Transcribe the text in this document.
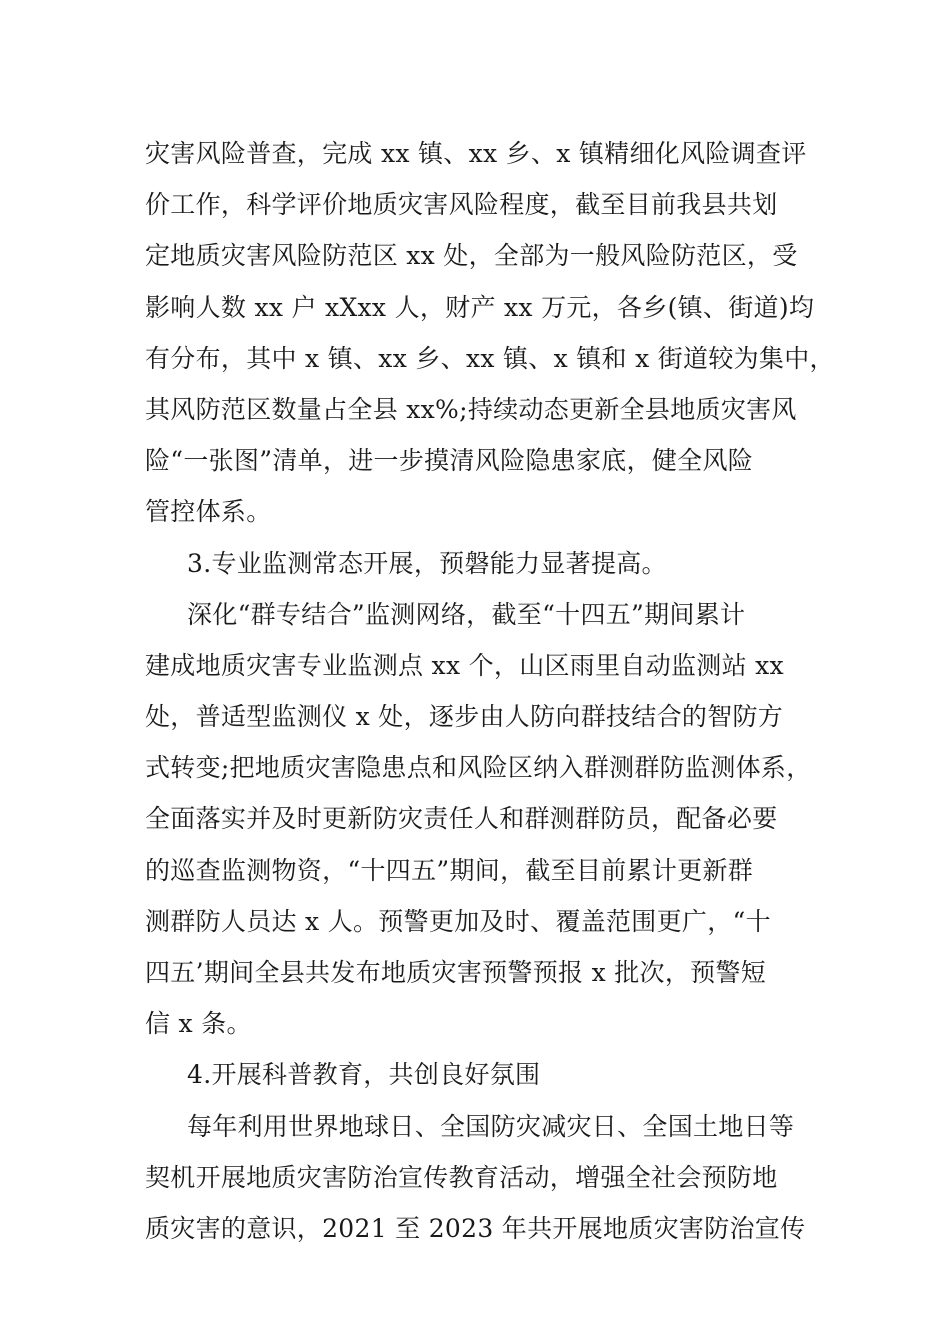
灾害风险普查，完成 xx 镇、xx 乡、x 镇精细化风险调查评
价工作，科学评价地质灾害风险程度，截至目前我县共划
定地质灾害风险防范区 xx 处，全部为一般风险防范区，受
影响人数 xx 户 xXxx 人，财产 xx 万元，各乡(镇、街道)均
有分布，其中 x 镇、xx 乡、xx 镇、x 镇和 x 街道较为集中，
其风防范区数量占全县 xx%;持续动态更新全县地质灾害风
险“一张图”清单，进一步摸清风险隐患家底，健全风险
管控体系。
3.专业监测常态开展，预磐能力显著提高。
深化“群专结合”监测网络，截至“十四五”期间累计
建成地质灾害专业监测点 xx 个，山区雨里自动监测站 xx
处，普适型监测仪 x 处，逐步由人防向群技结合的智防方
式转变;把地质灾害隐患点和风险区纳入群测群防监测体系，
全面落实并及时更新防灾责任人和群测群防员，配备必要
的巡查监测物资，“十四五”期间，截至目前累计更新群
测群防人员达 x 人。预警更加及时、覆盖范围更广，“十
四五’期间全县共发布地质灾害预警预报 x 批次，预警短
信 x 条。
4.开展科普教育，共创良好氛围
每年利用世界地球日、全国防灾减灾日、全国土地日等
契机开展地质灾害防治宣传教育活动，增强全社会预防地
质灾害的意识，2021 至 2023 年共开展地质灾害防治宣传
